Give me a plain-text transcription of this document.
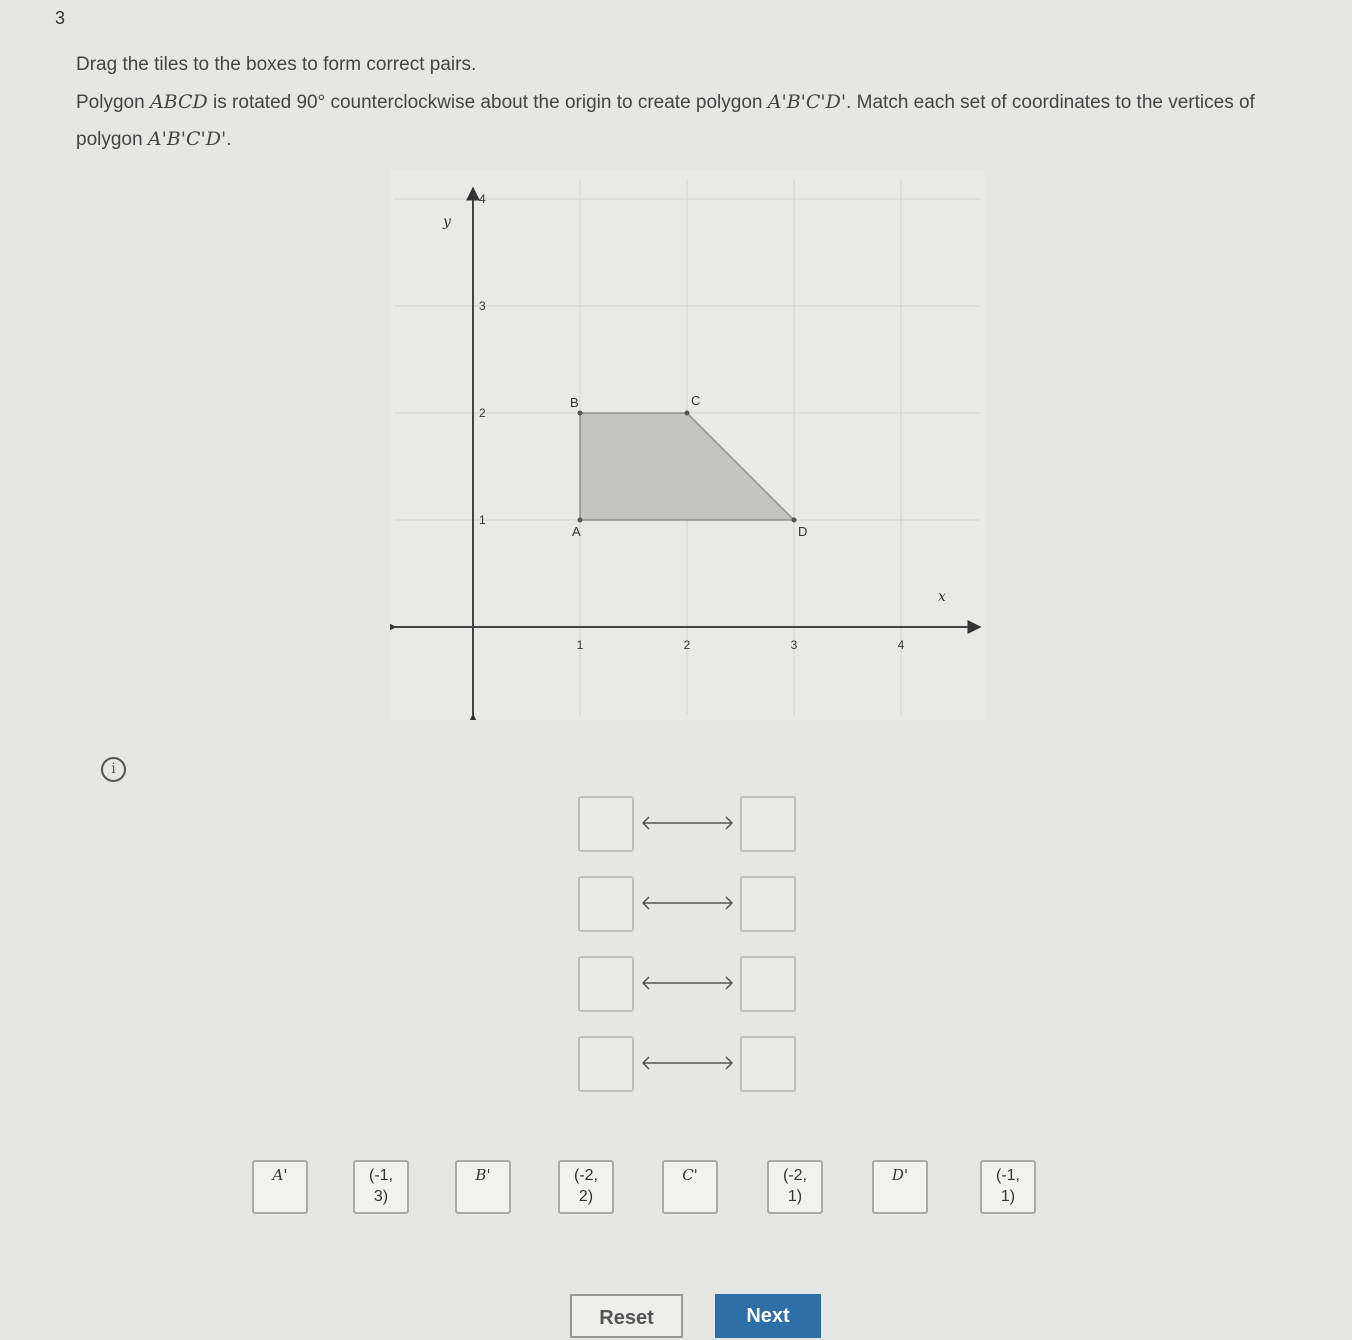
3
Drag the tiles to the boxes to form correct pairs.
Polygon ABCD is rotated 90° counterclockwise about the origin to create polygon A'B'C'D'. Match each set of coordinates to the vertices of polygon A'B'C'D'.
1	2	3	4
1
2
3
4
A
B	C
D
x
y
i
A'	(-1,
3)
B'	(-2,
2)
C'	(-2,
1)
D'	(-1,
1)
Reset	Next
